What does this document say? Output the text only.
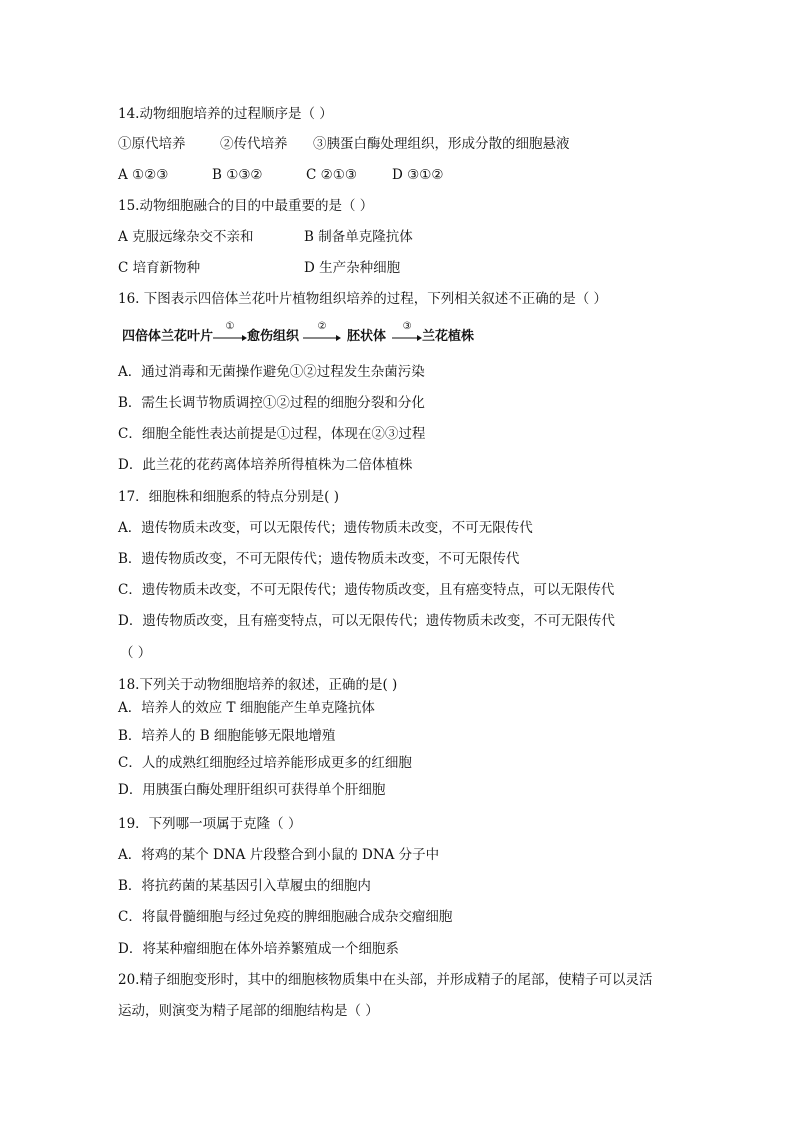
14.动物细胞培养的过程顺序是（ ）
①原代培养	②传代培养 ③胰蛋白酶处理组织，形成分散的细胞悬液
A ①②③	B ①③②	C ②①③	D ③①②
15.动物细胞融合的目的中最重要的是（ ）
A 克服远缘杂交不亲和	B 制备单克隆抗体
C 培育新物种	D 生产杂种细胞
16. 下图表示四倍体兰花叶片植物组织培养的过程，下列相关叙述不正确的是（ ）
四倍体兰花叶片
①
愈伤组织
②
胚状体
③
兰花植株
A．通过消毒和无菌操作避免①②过程发生杂菌污染
B．需生长调节物质调控①②过程的细胞分裂和分化
C．细胞全能性表达前提是①过程，体现在②③过程
D．此兰花的花药离体培养所得植株为二倍体植株
17．细胞株和细胞系的特点分别是( )
A．遗传物质未改变，可以无限传代；遗传物质未改变，不可无限传代
B．遗传物质改变，不可无限传代；遗传物质未改变，不可无限传代
C．遗传物质未改变，不可无限传代；遗传物质改变，且有癌变特点，可以无限传代
D．遗传物质改变，且有癌变特点，可以无限传代；遗传物质未改变，不可无限传代
（ ）
18.下列关于动物细胞培养的叙述，正确的是( )
A．培养人的效应 T 细胞能产生单克隆抗体
B．培养人的 B 细胞能够无限地增殖
C．人的成熟红细胞经过培养能形成更多的红细胞
D．用胰蛋白酶处理肝组织可获得单个肝细胞
19．下列哪一项属于克隆（ ）
A．将鸡的某个 DNA 片段整合到小鼠的 DNA 分子中
B．将抗药菌的某基因引入草履虫的细胞内
C．将鼠骨髓细胞与经过免疫的脾细胞融合成杂交瘤细胞
D．将某种瘤细胞在体外培养繁殖成一个细胞系
20.精子细胞变形时，其中的细胞核物质集中在头部，并形成精子的尾部，使精子可以灵活
运动，则演变为精子尾部的细胞结构是（ ）
